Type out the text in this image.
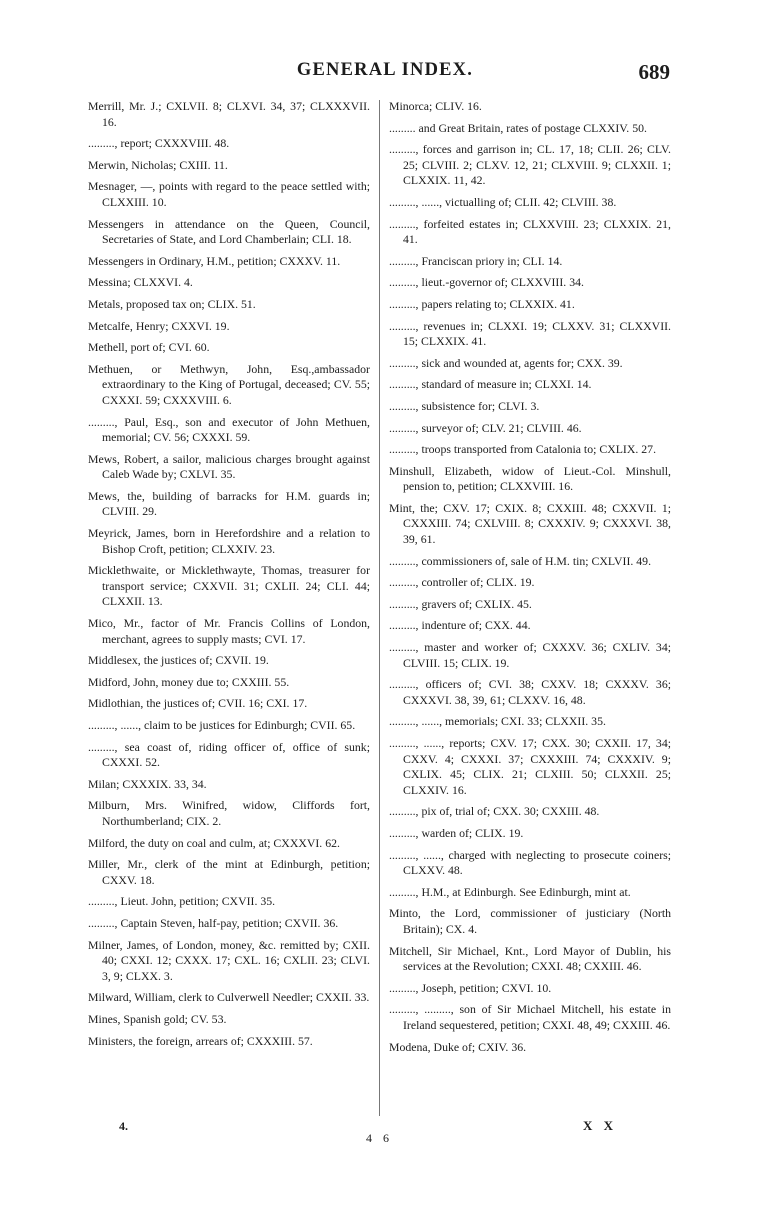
GENERAL INDEX.	689

Merrill, Mr. J.; CXLVII. 8; CLXVI. 34, 37; CLXXXVII. 16.

........., report; CXXXVIII. 48.

Merwin, Nicholas; CXIII. 11.

Mesnager, —, points with regard to the peace settled with; CLXXIII. 10.

Messengers in attendance on the Queen, Council, Secretaries of State, and Lord Chamberlain; CLI. 18.

Messengers in Ordinary, H.M., petition; CXXXV. 11.

Messina; CLXXVI. 4.

Metals, proposed tax on; CLIX. 51.

Metcalfe, Henry; CXXVI. 19.

Methell, port of; CVI. 60.

Methuen, or Methwyn, John, Esq.,ambassador extraordinary to the King of Portugal, deceased; CV. 55; CXXXI. 59; CXXXVIII. 6.

........., Paul, Esq., son and executor of John Methuen, memorial; CV. 56; CXXXI. 59.

Mews, Robert, a sailor, malicious charges brought against Caleb Wade by; CXLVI. 35.

Mews, the, building of barracks for H.M. guards in; CLVIII. 29.

Meyrick, James, born in Herefordshire and a relation to Bishop Croft, petition; CLXXIV. 23.

Micklethwaite, or Micklethwayte, Thomas, treasurer for transport service; CXXVII. 31; CXLII. 24; CLI. 44; CLXXII. 13.

Mico, Mr., factor of Mr. Francis Collins of London, merchant, agrees to supply masts; CVI. 17.

Middlesex, the justices of; CXVII. 19.

Midford, John, money due to; CXXIII. 55.

Midlothian, the justices of; CVII. 16; CXI. 17.

........., ......, claim to be justices for Edinburgh; CVII. 65.

........., sea coast of, riding officer of, office of sunk; CXXXI. 52.

Milan; CXXXIX. 33, 34.

Milburn, Mrs. Winifred, widow, Cliffords fort, Northumberland; CIX. 2.

Milford, the duty on coal and culm, at; CXXXVI. 62.

Miller, Mr., clerk of the mint at Edinburgh, petition; CXXV. 18.

........., Lieut. John, petition; CXVII. 35.

........., Captain Steven, half-pay, petition; CXVII. 36.

Milner, James, of London, money, &c. remitted by; CXII. 40; CXXI. 12; CXXX. 17; CXL. 16; CXLII. 23; CLVI. 3, 9; CLXX. 3.

Milward, William, clerk to Culverwell Needler; CXXII. 33.

Mines, Spanish gold; CV. 53.

Ministers, the foreign, arrears of; CXXXIII. 57.

Minorca; CLIV. 16.

......... and Great Britain, rates of postage CLXXIV. 50.

........., forces and garrison in; CL. 17, 18; CLII. 26; CLV. 25; CLVIII. 2; CLXV. 12, 21; CLXVIII. 9; CLXXII. 1; CLXXIX. 11, 42.

........., ......, victualling of; CLII. 42; CLVIII. 38.

........., forfeited estates in; CLXXVIII. 23; CLXXIX. 21, 41.

........., Franciscan priory in; CLI. 14.

........., lieut.-governor of; CLXXVIII. 34.

........., papers relating to; CLXXIX. 41.

........., revenues in; CLXXI. 19; CLXXV. 31; CLXXVII. 15; CLXXIX. 41.

........., sick and wounded at, agents for; CXX. 39.

........., standard of measure in; CLXXI. 14.

........., subsistence for; CLVI. 3.

........., surveyor of; CLV. 21; CLVIII. 46.

........., troops transported from Catalonia to; CXLIX. 27.

Minshull, Elizabeth, widow of Lieut.-Col. Minshull, pension to, petition; CLXXVIII. 16.

Mint, the; CXV. 17; CXIX. 8; CXXIII. 48; CXXVII. 1; CXXXIII. 74; CXLVIII. 8; CXXXIV. 9; CXXXVI. 38, 39, 61.

........., commissioners of, sale of H.M. tin; CXLVII. 49.

........., controller of; CLIX. 19.

........., gravers of; CXLIX. 45.

........., indenture of; CXX. 44.

........., master and worker of; CXXXV. 36; CXLIV. 34; CLVIII. 15; CLIX. 19.

........., officers of; CVI. 38; CXXV. 18; CXXXV. 36; CXXXVI. 38, 39, 61; CLXXV. 16, 48.

........., ......, memorials; CXI. 33; CLXXII. 35.

........., ......, reports; CXV. 17; CXX. 30; CXXII. 17, 34; CXXV. 4; CXXXI. 37; CXXXIII. 74; CXXXIV. 9; CXLIX. 45; CLIX. 21; CLXIII. 50; CLXXII. 25; CLXXIV. 16.

........., pix of, trial of; CXX. 30; CXXIII. 48.

........., warden of; CLIX. 19.

........., ......, charged with neglecting to prosecute coiners; CLXXV. 48.

........., H.M., at Edinburgh. See Edinburgh, mint at.

Minto, the Lord, commissioner of justiciary (North Britain); CX. 4.

Mitchell, Sir Michael, Knt., Lord Mayor of Dublin, his services at the Revolution; CXXI. 48; CXXIII. 46.

........., Joseph, petition; CXVI. 10.

........., ........., son of Sir Michael Mitchell, his estate in Ireland sequestered, petition; CXXI. 48, 49; CXXIII. 46.

Modena, Duke of; CXIV. 36.

4.
4 6
X X
